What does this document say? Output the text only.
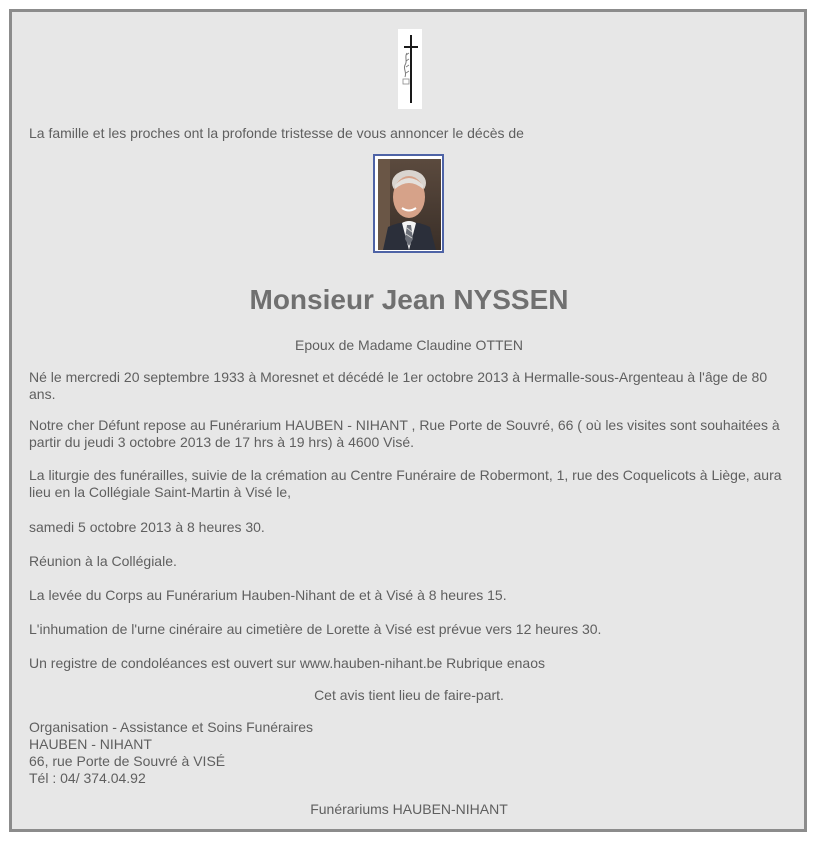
La famille et les proches ont la profonde tristesse de vous annoncer le décès de

Monsieur Jean NYSSEN

Epoux de Madame Claudine OTTEN

Né le mercredi 20 septembre 1933 à Moresnet et décédé le 1er octobre 2013 à Hermalle-sous-Argenteau à l'âge de 80 ans.

Notre cher Défunt repose au Funérarium HAUBEN - NIHANT , Rue Porte de Souvré, 66 ( où les visites sont souhaitées à partir du jeudi 3 octobre 2013 de 17 hrs à 19 hrs) à 4600 Visé.

La liturgie des funérailles, suivie de la crémation au Centre Funéraire de Robermont, 1, rue des Coquelicots à Liège, aura lieu en la Collégiale Saint-Martin à Visé le,

samedi 5 octobre 2013 à 8 heures 30.

Réunion à la Collégiale.

La levée du Corps au Funérarium Hauben-Nihant de et à Visé à 8 heures 15.

L'inhumation de l'urne cinéraire au cimetière de Lorette à Visé est prévue vers 12 heures 30.

Un registre de condoléances est ouvert sur www.hauben-nihant.be Rubrique enaos

Cet avis tient lieu de faire-part.

Organisation - Assistance et Soins Funéraires
HAUBEN - NIHANT
66, rue Porte de Souvré à VISÉ
Tél : 04/ 374.04.92

Funérariums HAUBEN-NIHANT
